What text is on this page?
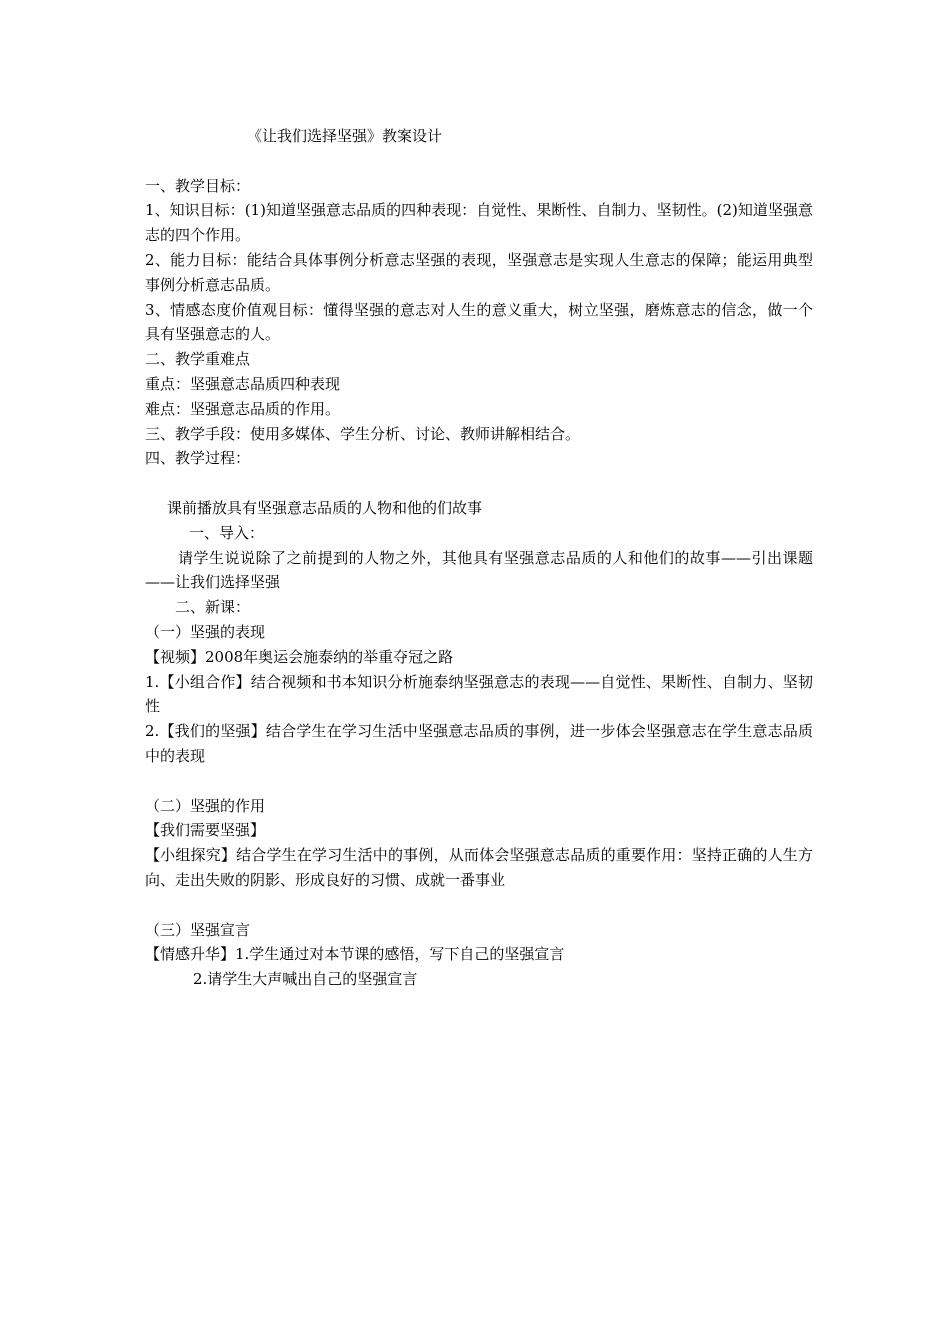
《让我们选择坚强》教案设计

一、教学目标：

1、知识目标：(1)知道坚强意志品质的四种表现：自觉性、果断性、自制力、坚韧性。(2)知道坚强意志的四个作用。

2、能力目标：能结合具体事例分析意志坚强的表现，坚强意志是实现人生意志的保障；能运用典型事例分析意志品质。

3、情感态度价值观目标：懂得坚强的意志对人生的意义重大，树立坚强，磨炼意志的信念，做一个具有坚强意志的人。

二、教学重难点

重点：坚强意志品质四种表现

难点：坚强意志品质的作用。

三、教学手段：使用多媒体、学生分析、讨论、教师讲解相结合。

四、教学过程：

课前播放具有坚强意志品质的人物和他的们故事

一、导入：

请学生说说除了之前提到的人物之外，其他具有坚强意志品质的人和他们的故事——引出课题——让我们选择坚强

二、新课：

（一）坚强的表现

【视频】2008年奥运会施泰纳的举重夺冠之路

1.【小组合作】结合视频和书本知识分析施泰纳坚强意志的表现——自觉性、果断性、自制力、坚韧性

2.【我们的坚强】结合学生在学习生活中坚强意志品质的事例，进一步体会坚强意志在学生意志品质中的表现

（二）坚强的作用

【我们需要坚强】

【小组探究】结合学生在学习生活中的事例，从而体会坚强意志品质的重要作用：坚持正确的人生方向、走出失败的阴影、形成良好的习惯、成就一番事业

（三）坚强宣言

【情感升华】1.学生通过对本节课的感悟，写下自己的坚强宣言

2.请学生大声喊出自己的坚强宣言
